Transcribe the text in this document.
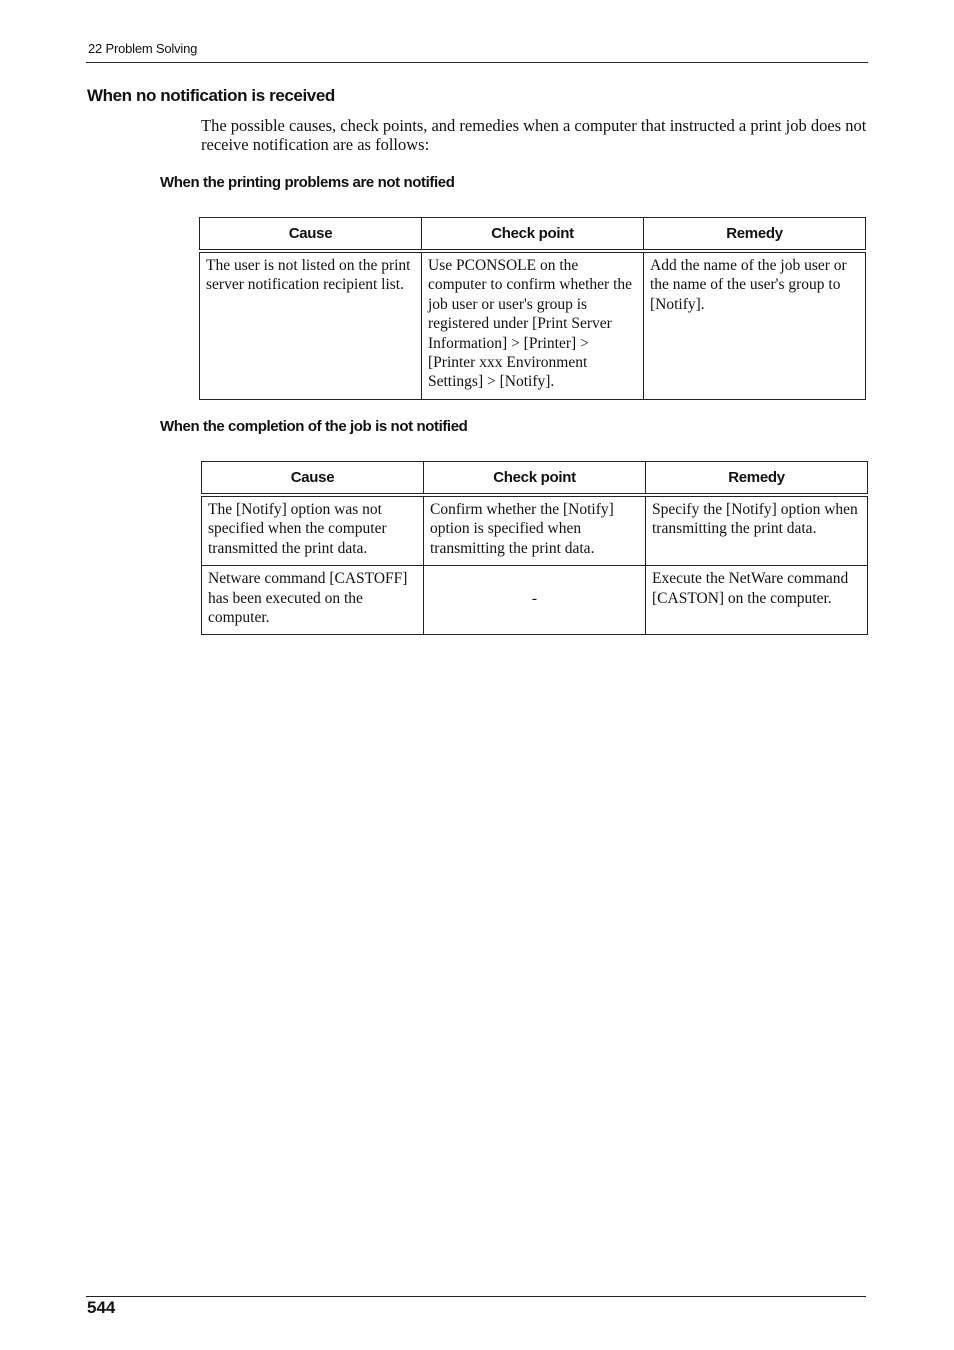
22 Problem Solving
When no notification is received
The possible causes, check points, and remedies when a computer that instructed a print job does not receive notification are as follows:
When the printing problems are not notified
Cause	Check point	Remedy
The user is not listed on the print server notification recipient list.	Use PCONSOLE on the computer to confirm whether the job user or user's group is registered under [Print Server Information] > [Printer] > [Printer xxx Environment Settings] > [Notify].	Add the name of the job user or the name of the user's group to [Notify].
When the completion of the job is not notified
Cause	Check point	Remedy
The [Notify] option was not specified when the computer transmitted the print data.	Confirm whether the [Notify] option is specified when transmitting the print data.	Specify the [Notify] option when transmitting the print data.
Netware command [CASTOFF] has been executed on the computer.	-	Execute the NetWare command [CASTON] on the computer.
544
